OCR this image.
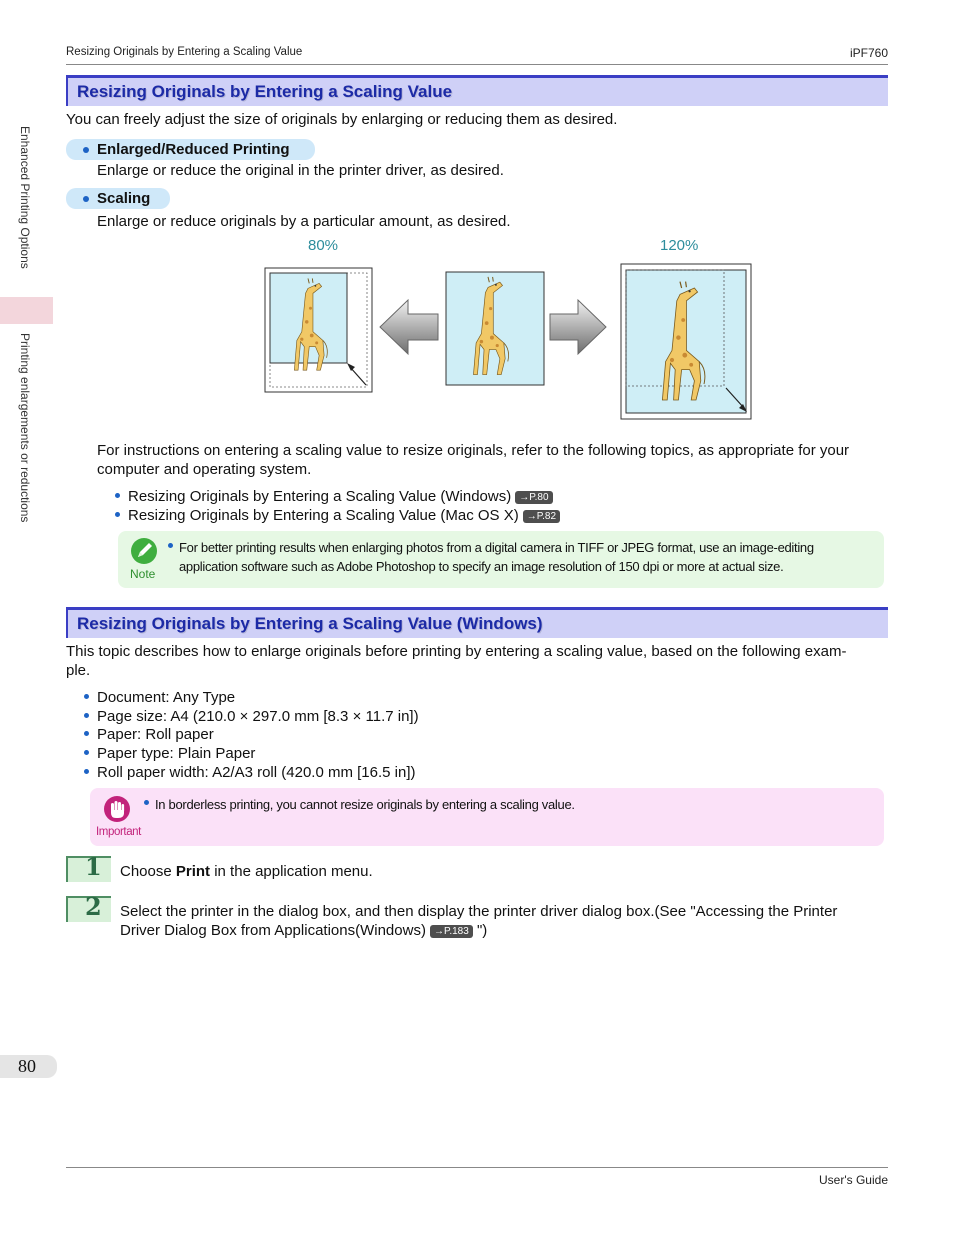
Resizing Originals by Entering a Scaling Value	iPF760
Enhanced Printing Options
Printing enlargements or reductions
Resizing Originals by Entering a Scaling Value
You can freely adjust the size of originals by enlarging or reducing them as desired.
Enlarged/Reduced Printing
Enlarge or reduce the original in the printer driver, as desired.
Scaling
Enlarge or reduce originals by a particular amount, as desired.
80%	120%
For instructions on entering a scaling value to resize originals, refer to the following topics, as appropriate for your
computer and operating system.
Resizing Originals by Entering a Scaling Value (Windows) →P.80
Resizing Originals by Entering a Scaling Value (Mac OS X) →P.82
Note
For better printing results when enlarging photos from a digital camera in TIFF or JPEG format, use an image-editing
application software such as Adobe Photoshop to specify an image resolution of 150 dpi or more at actual size.
Resizing Originals by Entering a Scaling Value (Windows)
This topic describes how to enlarge originals before printing by entering a scaling value, based on the following exam-
ple.
Document: Any Type
Page size: A4 (210.0 × 297.0 mm [8.3 × 11.7 in])
Paper: Roll paper
Paper type: Plain Paper
Roll paper width: A2/A3 roll (420.0 mm [16.5 in])
Important
In borderless printing, you cannot resize originals by entering a scaling value.
1 Choose Print in the application menu.
2 Select the printer in the dialog box, and then display the printer driver dialog box.(See "Accessing the Printer
Driver Dialog Box from Applications(Windows) →P.183 ")
80
User's Guide
